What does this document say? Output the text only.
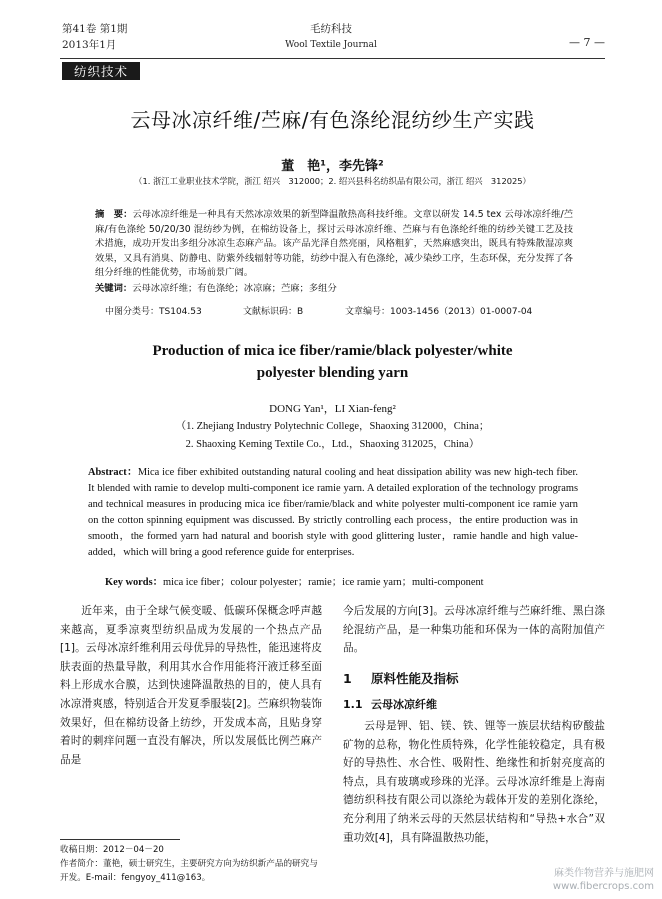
第41卷 第1期
2013年1月
毛纺科技
Wool Textile Journal	— 7 —
纺织技术
云母冰凉纤维/苎麻/有色涤纶混纺纱生产实践
董　艳¹，李先锋²
（1. 浙江工业职业技术学院，浙江 绍兴　312000；2. 绍兴县科名纺织品有限公司，浙江 绍兴　312025）
摘　要：云母冰凉纤维是一种具有天然冰凉效果的新型降温散热高科技纤维。文章以研发 14.5 tex 云母冰凉纤维/苎麻/有色涤纶 50/20/30 混纺纱为例，在棉纺设备上，探讨云母冰凉纤维、苎麻与有色涤纶纤维的纺纱关键工艺及技术措施，成功开发出多组分冰凉生态麻产品。该产品光泽自然亮丽，风格粗犷，天然麻感突出，既具有特殊散湿凉爽效果，又具有消臭、防静电、防紫外线辐射等功能，纺纱中混入有色涤纶，减少染纱工序，生态环保，充分发挥了各组分纤维的性能优势，市场前景广阔。
关键词：云母冰凉纤维；有色涤纶；冰凉麻；苎麻；多组分
中图分类号：TS104.53	文献标识码：B	文章编号：1003-1456（2013）01-0007-04
Production of mica ice fiber/ramie/black polyester/white
polyester blending yarn
DONG Yan¹，LI Xian-feng²
（1. Zhejiang Industry Polytechnic College，Shaoxing 312000，China；
2. Shaoxing Keming Textile Co.，Ltd.，Shaoxing 312025，China）
Abstract：Mica ice fiber exhibited outstanding natural cooling and heat dissipation ability was new high-tech fiber. It blended with ramie to develop multi-component ice ramie yarn. A detailed exploration of the technology programs and technical measures in producing mica ice fiber/ramie/black and white polyester multi-component ice ramie yarn on the cotton spinning equipment was discussed. By strictly controlling each process，the entire production was in smooth，the formed yarn had natural and boorish style with good glittering luster，ramie handle and high value-added，which will bring a good reference guide for enterprises.
Key words：mica ice fiber；colour polyester；ramie；ice ramie yarn；multi-component

近年来，由于全球气候变暖、低碳环保概念呼声越来越高，夏季凉爽型纺织品成为发展的一个热点产品[1]。云母冰凉纤维利用云母优异的导热性，能迅速将皮肤表面的热量导散，利用其水合作用能将汗液迁移至面料上形成水合膜，达到快速降温散热的目的，使人具有冰凉滑爽感，特别适合开发夏季服装[2]。苎麻织物装饰效果好，但在棉纺设备上纺纱，开发成本高，且贴身穿着时的刺痒问题一直没有解决，所以发展低比例苎麻产品是

今后发展的方向[3]。云母冰凉纤维与苎麻纤维、黑白涤纶混纺产品，是一种集功能和环保为一体的高附加值产品。

1 原料性能及指标
1.1 云母冰凉纤维

云母是钾、铝、镁、铁、锂等一族层状结构矽酸盐矿物的总称，物化性质特殊，化学性能较稳定，具有极好的导热性、水合性、吸附性、绝缘性和折射亮度高的特点，具有玻璃或珍珠的光泽。云母冰凉纤维是上海南德纺织科技有限公司以涤纶为载体开发的差别化涤纶，充分利用了纳米云母的天然层状结构和“导热+水合”双重功效[4]，具有降温散热功能，

收稿日期：2012－04－20
作者简介：董艳，硕士研究生，主要研究方向为纺织新产品的研究与开发。E-mail：fengyoy_411@163。	麻类作物营养与施肥网
www.fibercrops.com
